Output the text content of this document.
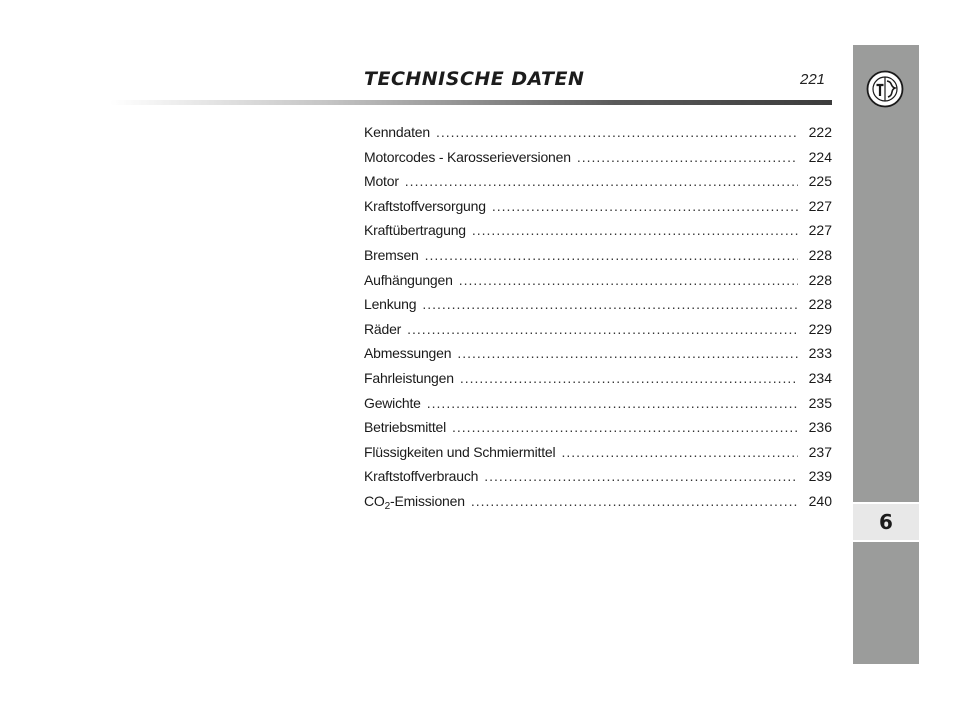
TECHNISCHE DATEN	221
6
Kenndaten .....	222
Motorcodes - Karosserieversionen .....	224
Motor .....	225
Kraftstoffversorgung .....	227
Kraftübertragung .....	227
Bremsen .....	228
Aufhängungen .....	228
Lenkung .....	228
Räder .....	229
Abmessungen .....	233
Fahrleistungen .....	234
Gewichte .....	235
Betriebsmittel .....	236
Flüssigkeiten und Schmiermittel .....	237
Kraftstoffverbrauch .....	239
$CO_2$-Emissionen .....	240
